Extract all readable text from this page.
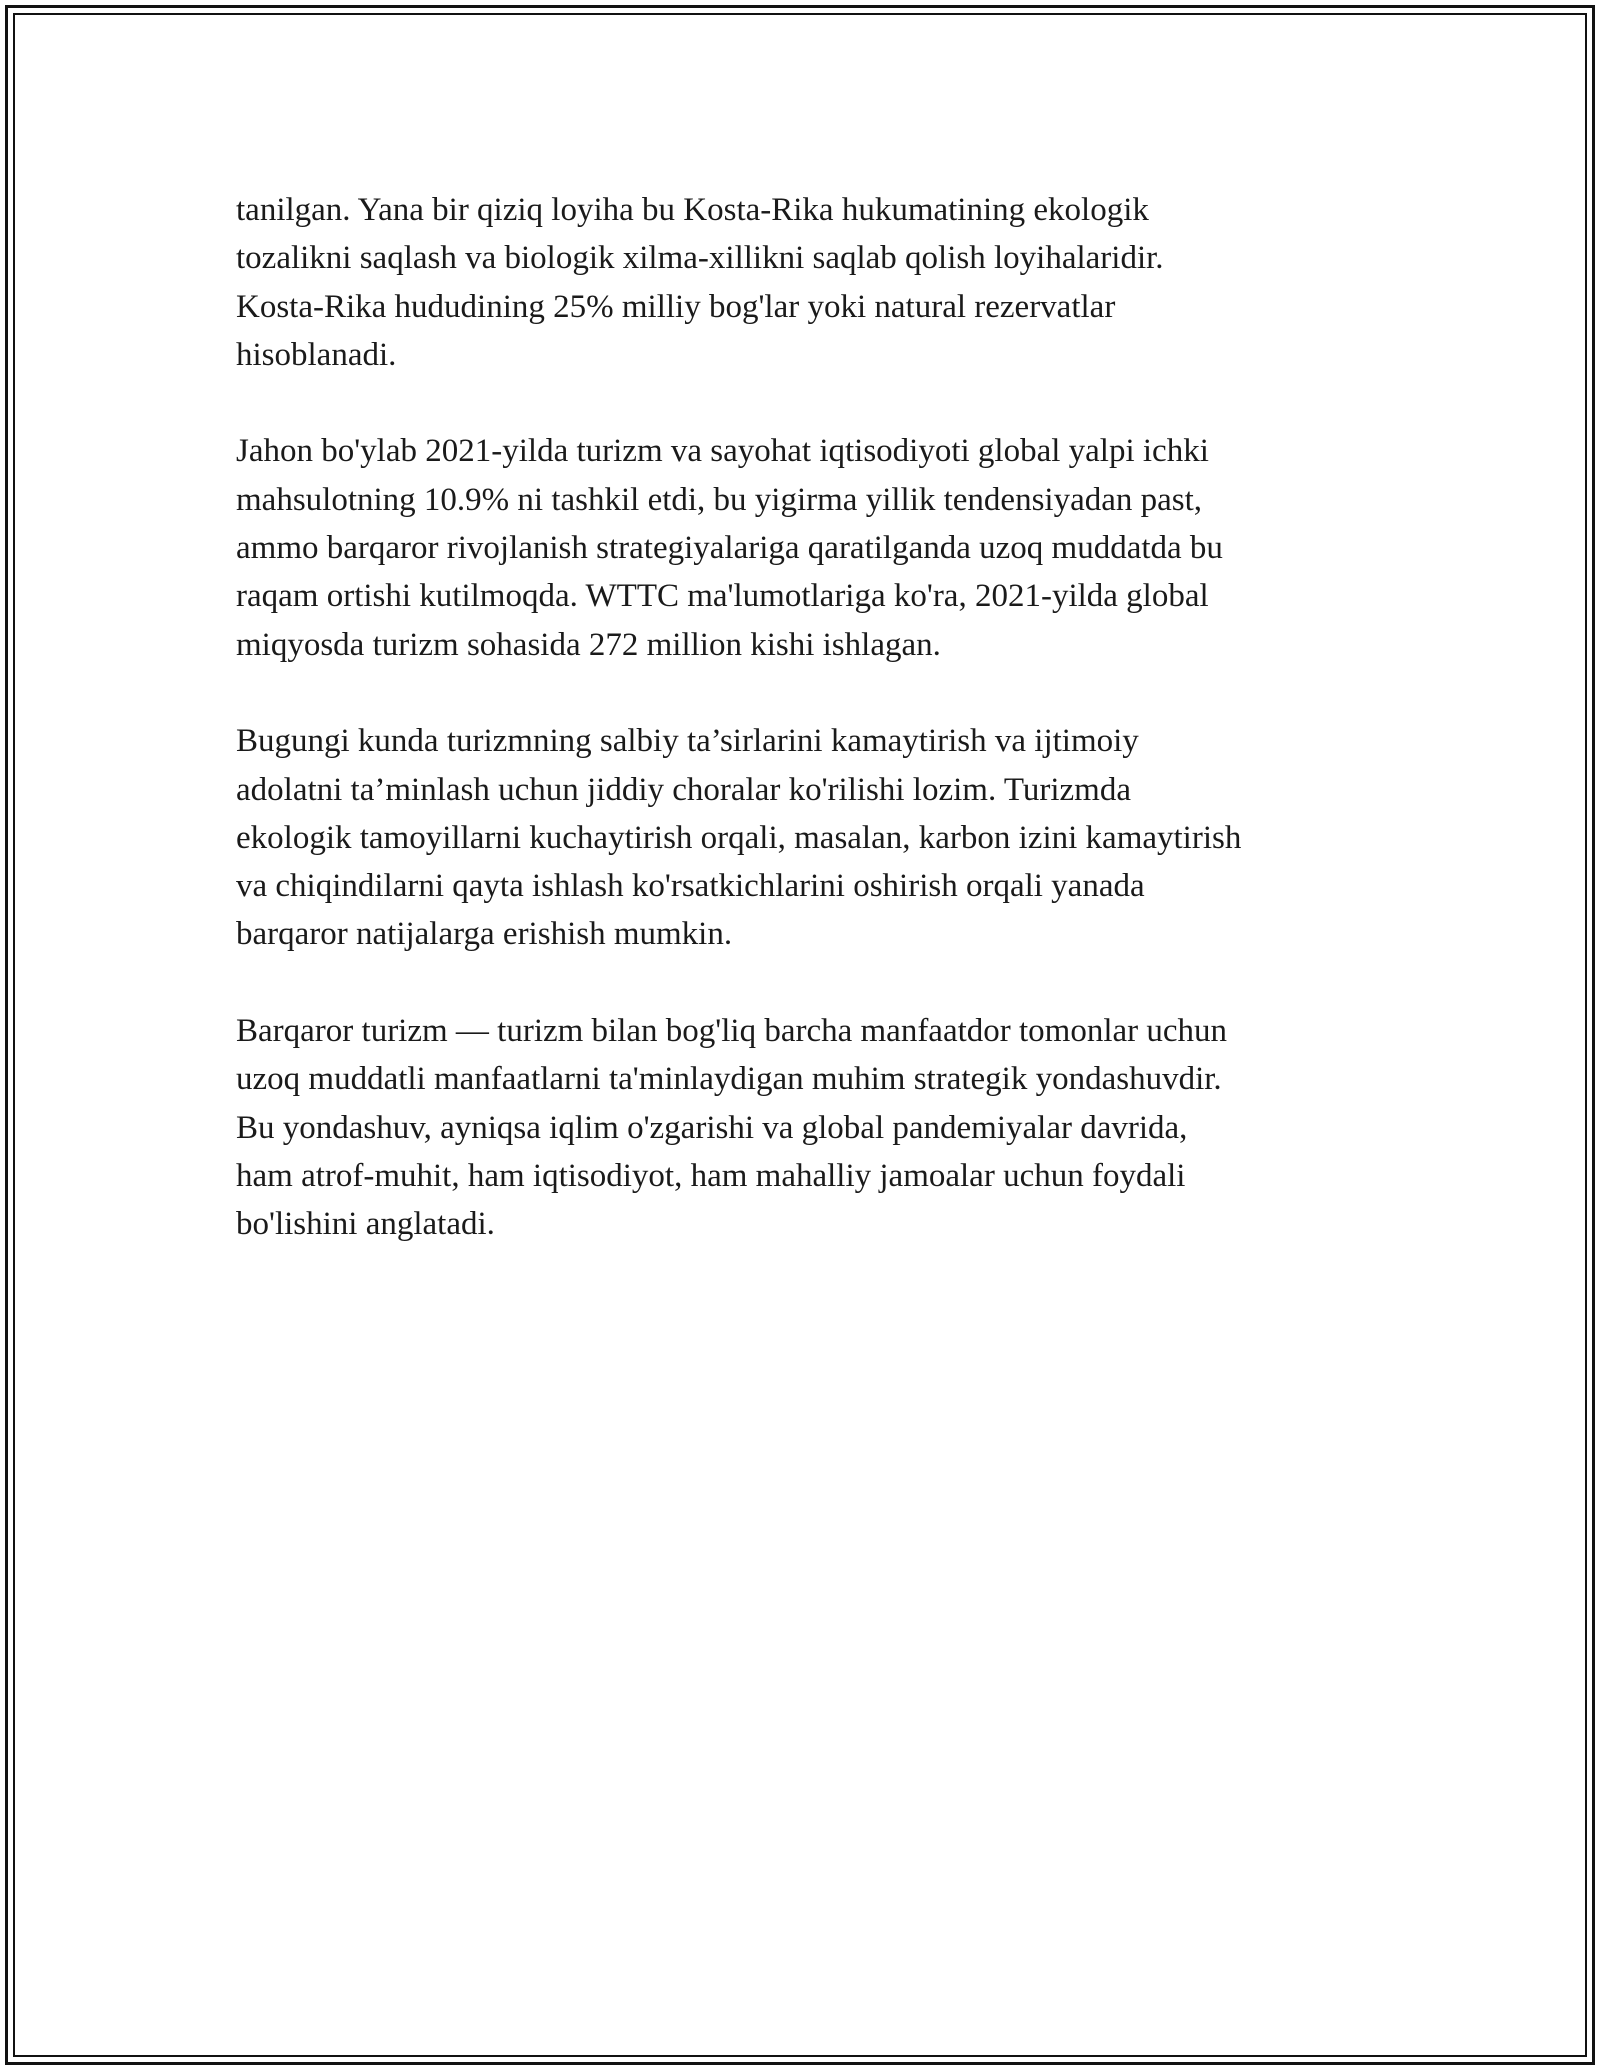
tanilgan. Yana bir qiziq loyiha bu Kosta-Rika hukumatining ekologik
tozalikni saqlash va biologik xilma-xillikni saqlab qolish loyihalaridir.
Kosta-Rika hududining 25% milliy bog'lar yoki natural rezervatlar
hisoblanadi.

Jahon bo'ylab 2021-yilda turizm va sayohat iqtisodiyoti global yalpi ichki
mahsulotning 10.9% ni tashkil etdi, bu yigirma yillik tendensiyadan past,
ammo barqaror rivojlanish strategiyalariga qaratilganda uzoq muddatda bu
raqam ortishi kutilmoqda. WTTC ma'lumotlariga ko'ra, 2021-yilda global
miqyosda turizm sohasida 272 million kishi ishlagan.

Bugungi kunda turizmning salbiy ta’sirlarini kamaytirish va ijtimoiy
adolatni ta’minlash uchun jiddiy choralar ko'rilishi lozim. Turizmda
ekologik tamoyillarni kuchaytirish orqali, masalan, karbon izini kamaytirish
va chiqindilarni qayta ishlash ko'rsatkichlarini oshirish orqali yanada
barqaror natijalarga erishish mumkin.

Barqaror turizm — turizm bilan bog'liq barcha manfaatdor tomonlar uchun
uzoq muddatli manfaatlarni ta'minlaydigan muhim strategik yondashuvdir.
Bu yondashuv, ayniqsa iqlim o'zgarishi va global pandemiyalar davrida,
ham atrof-muhit, ham iqtisodiyot, ham mahalliy jamoalar uchun foydali
bo'lishini anglatadi.
